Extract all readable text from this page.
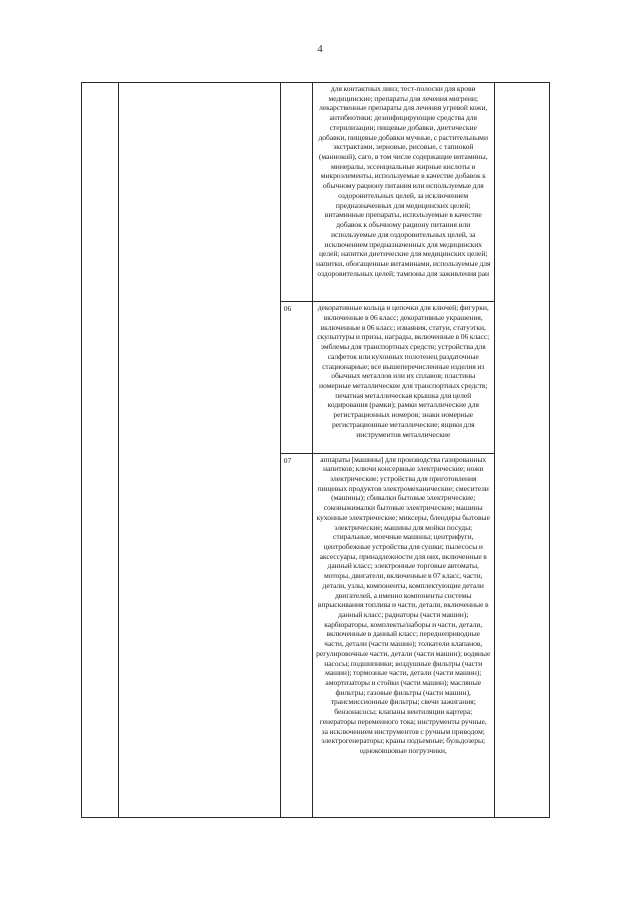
4

			для контактных линз; тест-полоски для крови медицинские; препараты для лечения мигрени; лекарственные препараты для лечения угревой кожи, антибиотики; дезинфицирующие средства для стерилизации; пищевые добавки, диетические добавки, пищевые добавки мучные, с растительными экстрактами, зерновые, рисовые, с тапиокой (маниокой), саго, в том числе содержащие витамины, минералы, эссенциальные жирные кислоты и микроэлементы, используемые в качестве добавок к обычному рациону питания или используемые для оздоровительных целей, за исключением предназначенных для медицинских целей; витаминные препараты, используемые в качестве добавок к обычному рациону питания или используемые для оздоровительных целей, за исключением предназначенных для медицинских целей; напитки диетические для медицинских целей; напитки, обогащенные витаминами, используемые для оздоровительных целей; тампоны для заживления ран	

		06	декоративные кольца и цепочки для ключей; фигурки, включенные в 06 класс; декоративные украшения, включенные в 06 класс; изваяния, статуи, статуэтки, скульптуры и призы, награды, включенные в 06 класс; эмблемы для транспортных средств; устройства для салфеток или кухонных полотенец раздаточные стационарные; все вышеперечисленные изделия из обычных металлов или их сплавов; пластины номерные металлические для транспортных средств; печатная металлическая крышка для целей кодирования (рамки); рамки металлические для регистрационных номеров; знаки номерные регистрационные металлические; ящики для инструментов металлические	

		07	аппараты [машины] для производства газированных напитков; ключи консервные электрические; ножи электрические; устройства для приготовления пищевых продуктов электромеханические; смесители (машины); сбивалки бытовые электрические; соковыжималки бытовые электрические; машины кухонные электрические; миксеры, блендеры бытовые электрические; машины для мойки посуды; стиральные, моечные машины; центрифуги, центробежные устройства для сушки; пылесосы и аксессуары, принадлежности для них, включенные в данный класс; электронные торговые автоматы, моторы, двигатели, включенные в 07 класс, части, детали, узлы, компоненты, комплектующие детали двигателей, а именно компоненты системы впрыскивания топлива и части, детали, включенные в данный класс; радиаторы (части машин); карбюраторы, комплекты/наборы и части, детали, включенные в данный класс; переднеприводные части, детали (части машин); толкатели клапанов, регулировочные части, детали (части машин); водяные насосы; подшипники; воздушные фильтры (части машин); тормозные части, детали (части машин); амортизаторы и стойки (части машин); масляные фильтры; газовые фильтры (части машин), трансмиссионные фильтры; свечи зажигания; бензонасосы; клапаны вентиляции картера; генераторы переменного тока; инструменты ручные, за исключением инструментов с ручным приводом; электрогенераторы; краны подъемные; бульдозеры; одноковшовые погрузчики,	
